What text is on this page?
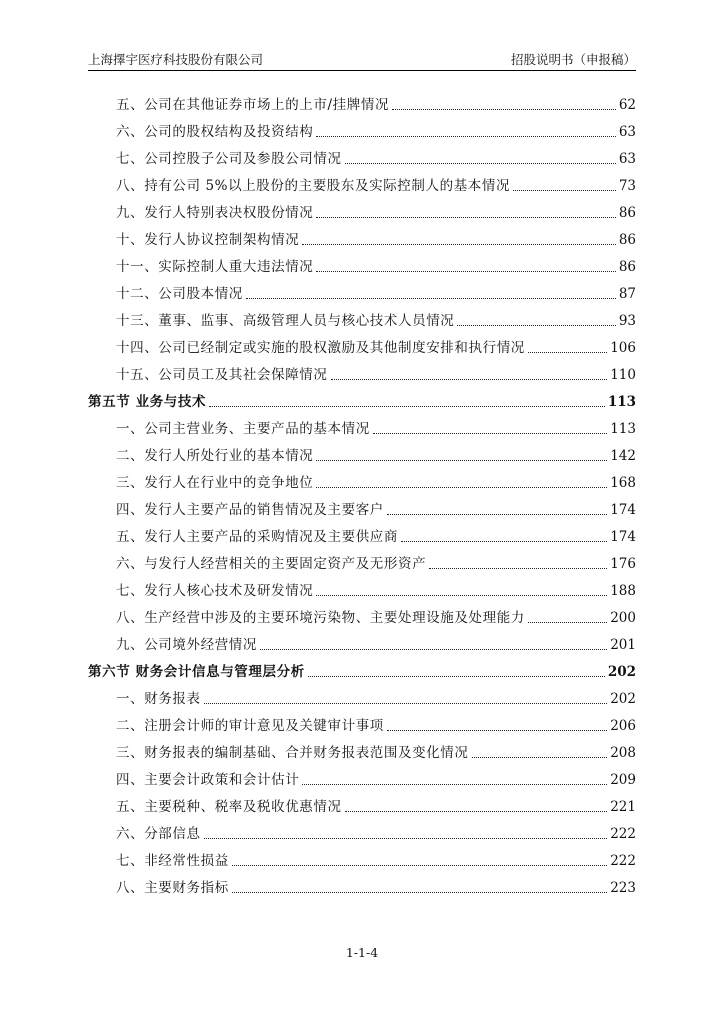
上海擇宇医疗科技股份有限公司	招股说明书（申报稿）
五、公司在其他证券市场上的上市/挂牌情况	62
六、公司的股权结构及投资结构	63
七、公司控股子公司及参股公司情况	63
八、持有公司 5%以上股份的主要股东及实际控制人的基本情况	73
九、发行人特别表决权股份情况	86
十、发行人协议控制架构情况	86
十一、实际控制人重大违法情况	86
十二、公司股本情况	87
十三、董事、监事、高级管理人员与核心技术人员情况	93
十四、公司已经制定或实施的股权激励及其他制度安排和执行情况	106
十五、公司员工及其社会保障情况	110
第五节 业务与技术	113
一、公司主营业务、主要产品的基本情况	113
二、发行人所处行业的基本情况	142
三、发行人在行业中的竞争地位	168
四、发行人主要产品的销售情况及主要客户	174
五、发行人主要产品的采购情况及主要供应商	174
六、与发行人经营相关的主要固定资产及无形资产	176
七、发行人核心技术及研发情况	188
八、生产经营中涉及的主要环境污染物、主要处理设施及处理能力	200
九、公司境外经营情况	201
第六节 财务会计信息与管理层分析	202
一、财务报表	202
二、注册会计师的审计意见及关键审计事项	206
三、财务报表的编制基础、合并财务报表范围及变化情况	208
四、主要会计政策和会计估计	209
五、主要税种、税率及税收优惠情况	221
六、分部信息	222
七、非经常性损益	222
八、主要财务指标	223
1-1-4
